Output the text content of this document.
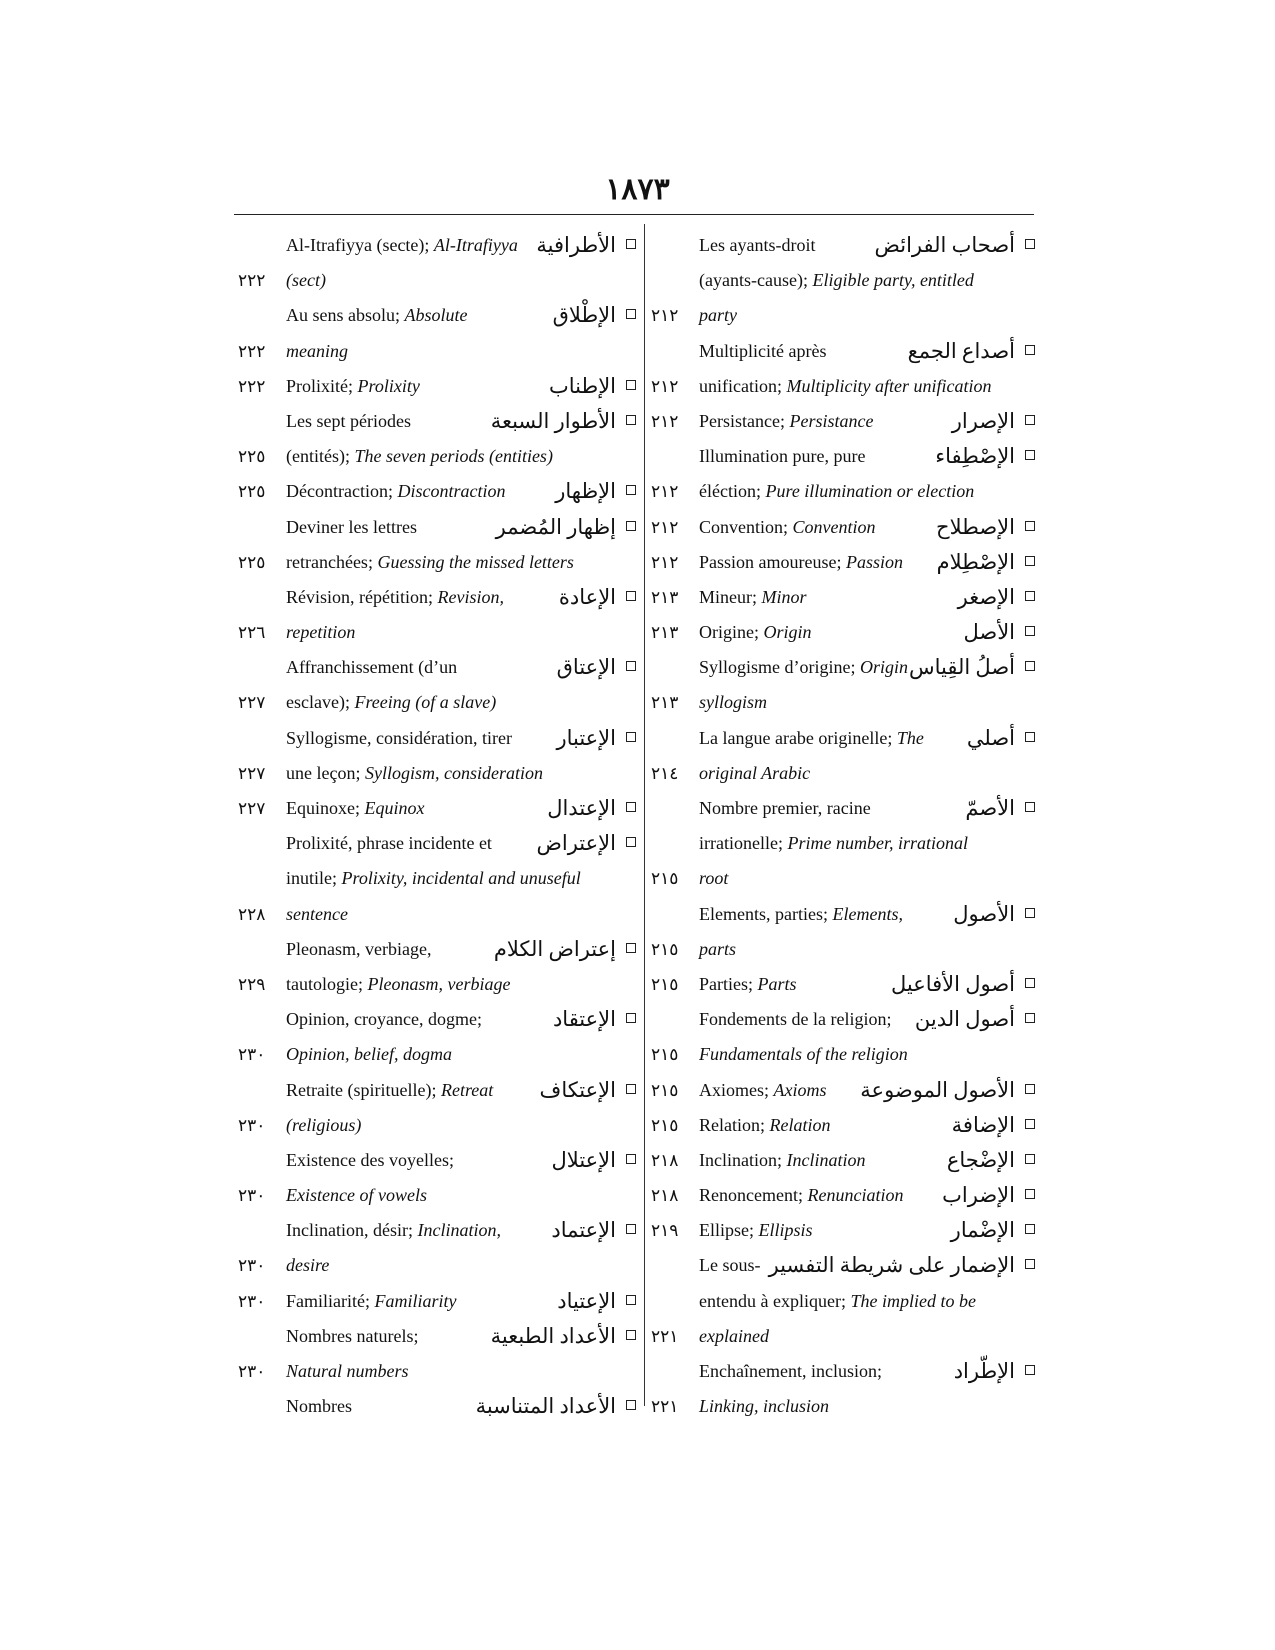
١٨٧٣
Les ayants-droit	أصحاب الفرائض
(ayants-cause); Eligible party, entitled
٢١٢	party
Multiplicité après	أصداع الجمع
٢١٢	unification; Multiplicity after unification
٢١٢	Persistance; Persistance	الإصرار
Illumination pure, pure	الإصْطِفاء
٢١٢	éléction; Pure illumination or election
٢١٢	Convention; Convention	الإصطلاح
٢١٢	Passion amoureuse; Passion الإصْطِلام
٢١٣	Mineur; Minor	الإصغر
٢١٣	Origine; Origin	الأصل
Syllogisme d’origine; Origin أصلُ القِياس
٢١٣	syllogism
La langue arabe originelle; The أصلي
٢١٤	original Arabic
Nombre premier, racine	الأصمّ
irrationelle; Prime number, irrational
٢١٥	root
Elements, parties; Elements, الأصول
٢١٥	parts
٢١٥	Parties; Parts	أصول الأفاعيل
Fondements de la religion; أصول الدين
٢١٥	Fundamentals of the religion
٢١٥	Axiomes; Axioms الأصول الموضوعة
٢١٥	Relation; Relation	الإضافة
٢١٨	Inclination; Inclination	الإضْجاع
٢١٨	Renoncement; Renunciation الإضراب
٢١٩	Ellipse; Ellipsis	الإضْمار
Le sous- الإضمار على شريطة التفسير
entendu à expliquer; The implied to be
٢٢١	explained
Enchaînement, inclusion;	الإطّراد
٢٢١	Linking, inclusion
Al-Itrafiyya (secte); Al-Itrafiyya الأطرافية
٢٢٢	(sect)
Au sens absolu; Absolute	الإطْلاق
٢٢٢	meaning
٢٢٢	Prolixité; Prolixity	الإطناب
Les sept périodes	الأطوار السبعة
٢٢٥	(entités); The seven periods (entities)
٢٢٥	Décontraction; Discontraction الإظهار
Deviner les lettres	إظهار المُضمر
٢٢٥	retranchées; Guessing the missed letters
Révision, répétition; Revision,	الإعادة
٢٢٦	repetition
Affranchissement (d’un	الإعتاق
٢٢٧	esclave); Freeing (of a slave)
Syllogisme, considération, tirer الإعتبار
٢٢٧	une leçon; Syllogism, consideration
٢٢٧	Equinoxe; Equinox	الإعتدال
Prolixité, phrase incidente et الإعتراض
inutile; Prolixity, incidental and unuseful
٢٢٨	sentence
Pleonasm, verbiage,	إعتراض الكلام
٢٢٩	tautologie; Pleonasm, verbiage
Opinion, croyance, dogme;	الإعتقاد
٢٣٠	Opinion, belief, dogma
Retraite (spirituelle); Retreat الإعتكاف
٢٣٠	(religious)
Existence des voyelles;	الإعتلال
٢٣٠	Existence of vowels
Inclination, désir; Inclination, الإعتماد
٢٣٠	desire
٢٣٠	Familiarité; Familiarity	الإعتياد
Nombres naturels;	الأعداد الطبعية
٢٣٠	Natural numbers
Nombres	الأعداد المتناسبة
